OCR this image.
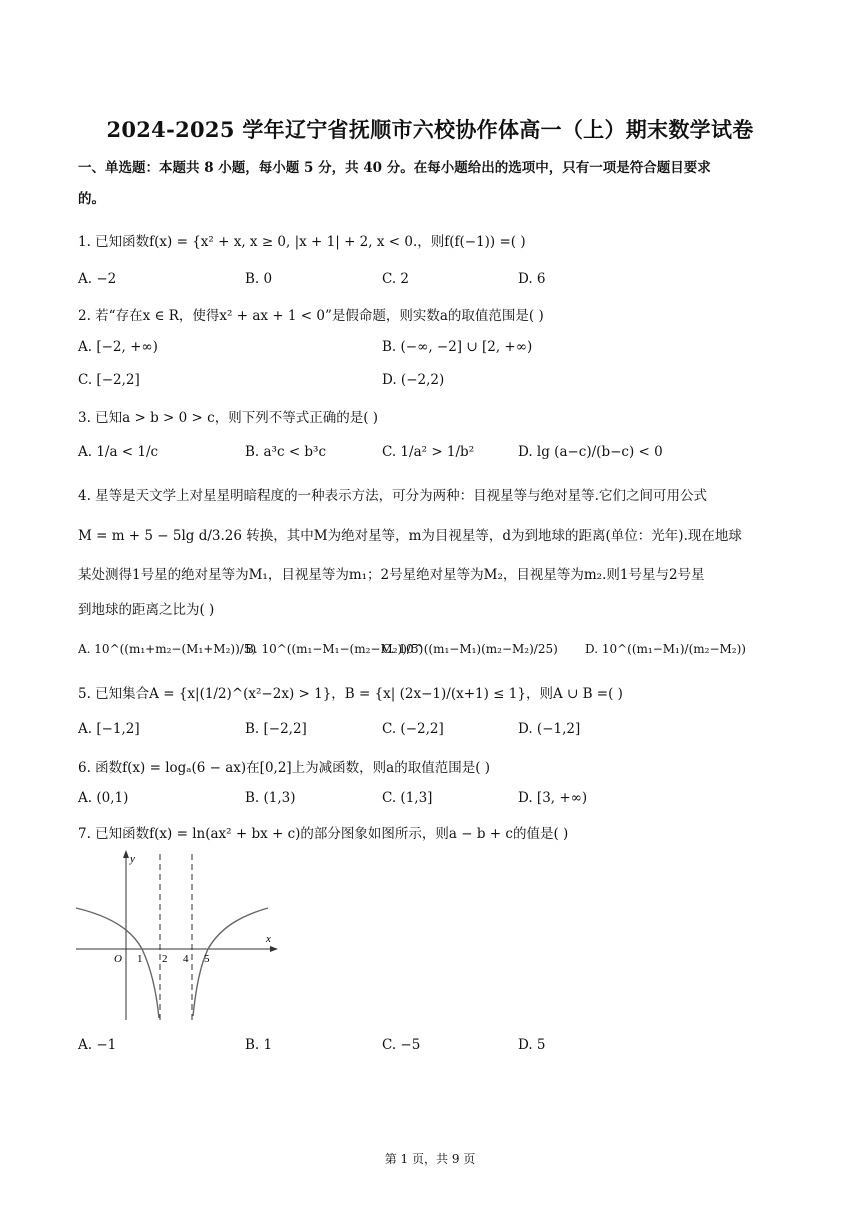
2024-2025 学年辽宁省抚顺市六校协作体高一（上）期末数学试卷
一、单选题：本题共 8 小题，每小题 5 分，共 40 分。在每小题给出的选项中，只有一项是符合题目要求
的。
1. 已知函数f(x) = {x² + x, x ≥ 0, |x + 1| + 2, x < 0.，则f(f(−1)) =( )
A. −2	B. 0	C. 2	D. 6
2. 若“存在x ∈ R，使得x² + ax + 1 < 0”是假命题，则实数a的取值范围是( )
A. [−2, +∞)	B. (−∞, −2] ∪ [2, +∞)
C. [−2,2]	D. (−2,2)
3. 已知a > b > 0 > c，则下列不等式正确的是( )
A. 1/a < 1/c	B. a³c < b³c	C. 1/a² > 1/b²	D. lg (a−c)/(b−c) < 0
4. 星等是天文学上对星星明暗程度的一种表示方法，可分为两种：目视星等与绝对星等.它们之间可用公式
M = m + 5 − 5lg d/3.26 转换，其中M为绝对星等，m为目视星等，d为到地球的距离(单位：光年).现在地球
某处测得1号星的绝对星等为M₁，目视星等为m₁；2号星绝对星等为M₂，目视星等为m₂.则1号星与2号星
到地球的距离之比为( )
A. 10^((m₁+m₂−(M₁+M₂))/5)
B. 10^((m₁−M₁−(m₂−M₂))/5)
C. 10^((m₁−M₁)(m₂−M₂)/25) D. 10^((m₁−M₁)/(m₂−M₂))
5. 已知集合A = {x|(1/2)^(x²−2x) > 1}，B = {x| (2x−1)/(x+1) ≤ 1}，则A ∪ B =( )
A. [−1,2]	B. [−2,2]	C. (−2,2]	D. (−1,2]
6. 函数f(x) = logₐ(6 − ax)在[0,2]上为减函数，则a的取值范围是( )
A. (0,1)	B. (1,3)	C. (1,3]	D. [3, +∞)
7. 已知函数f(x) = ln(ax² + bx + c)的部分图象如图所示，则a − b + c的值是( )
y
x
O 1 2 4 5
A. −1	B. 1	C. −5	D. 5
第 1 页，共 9 页
